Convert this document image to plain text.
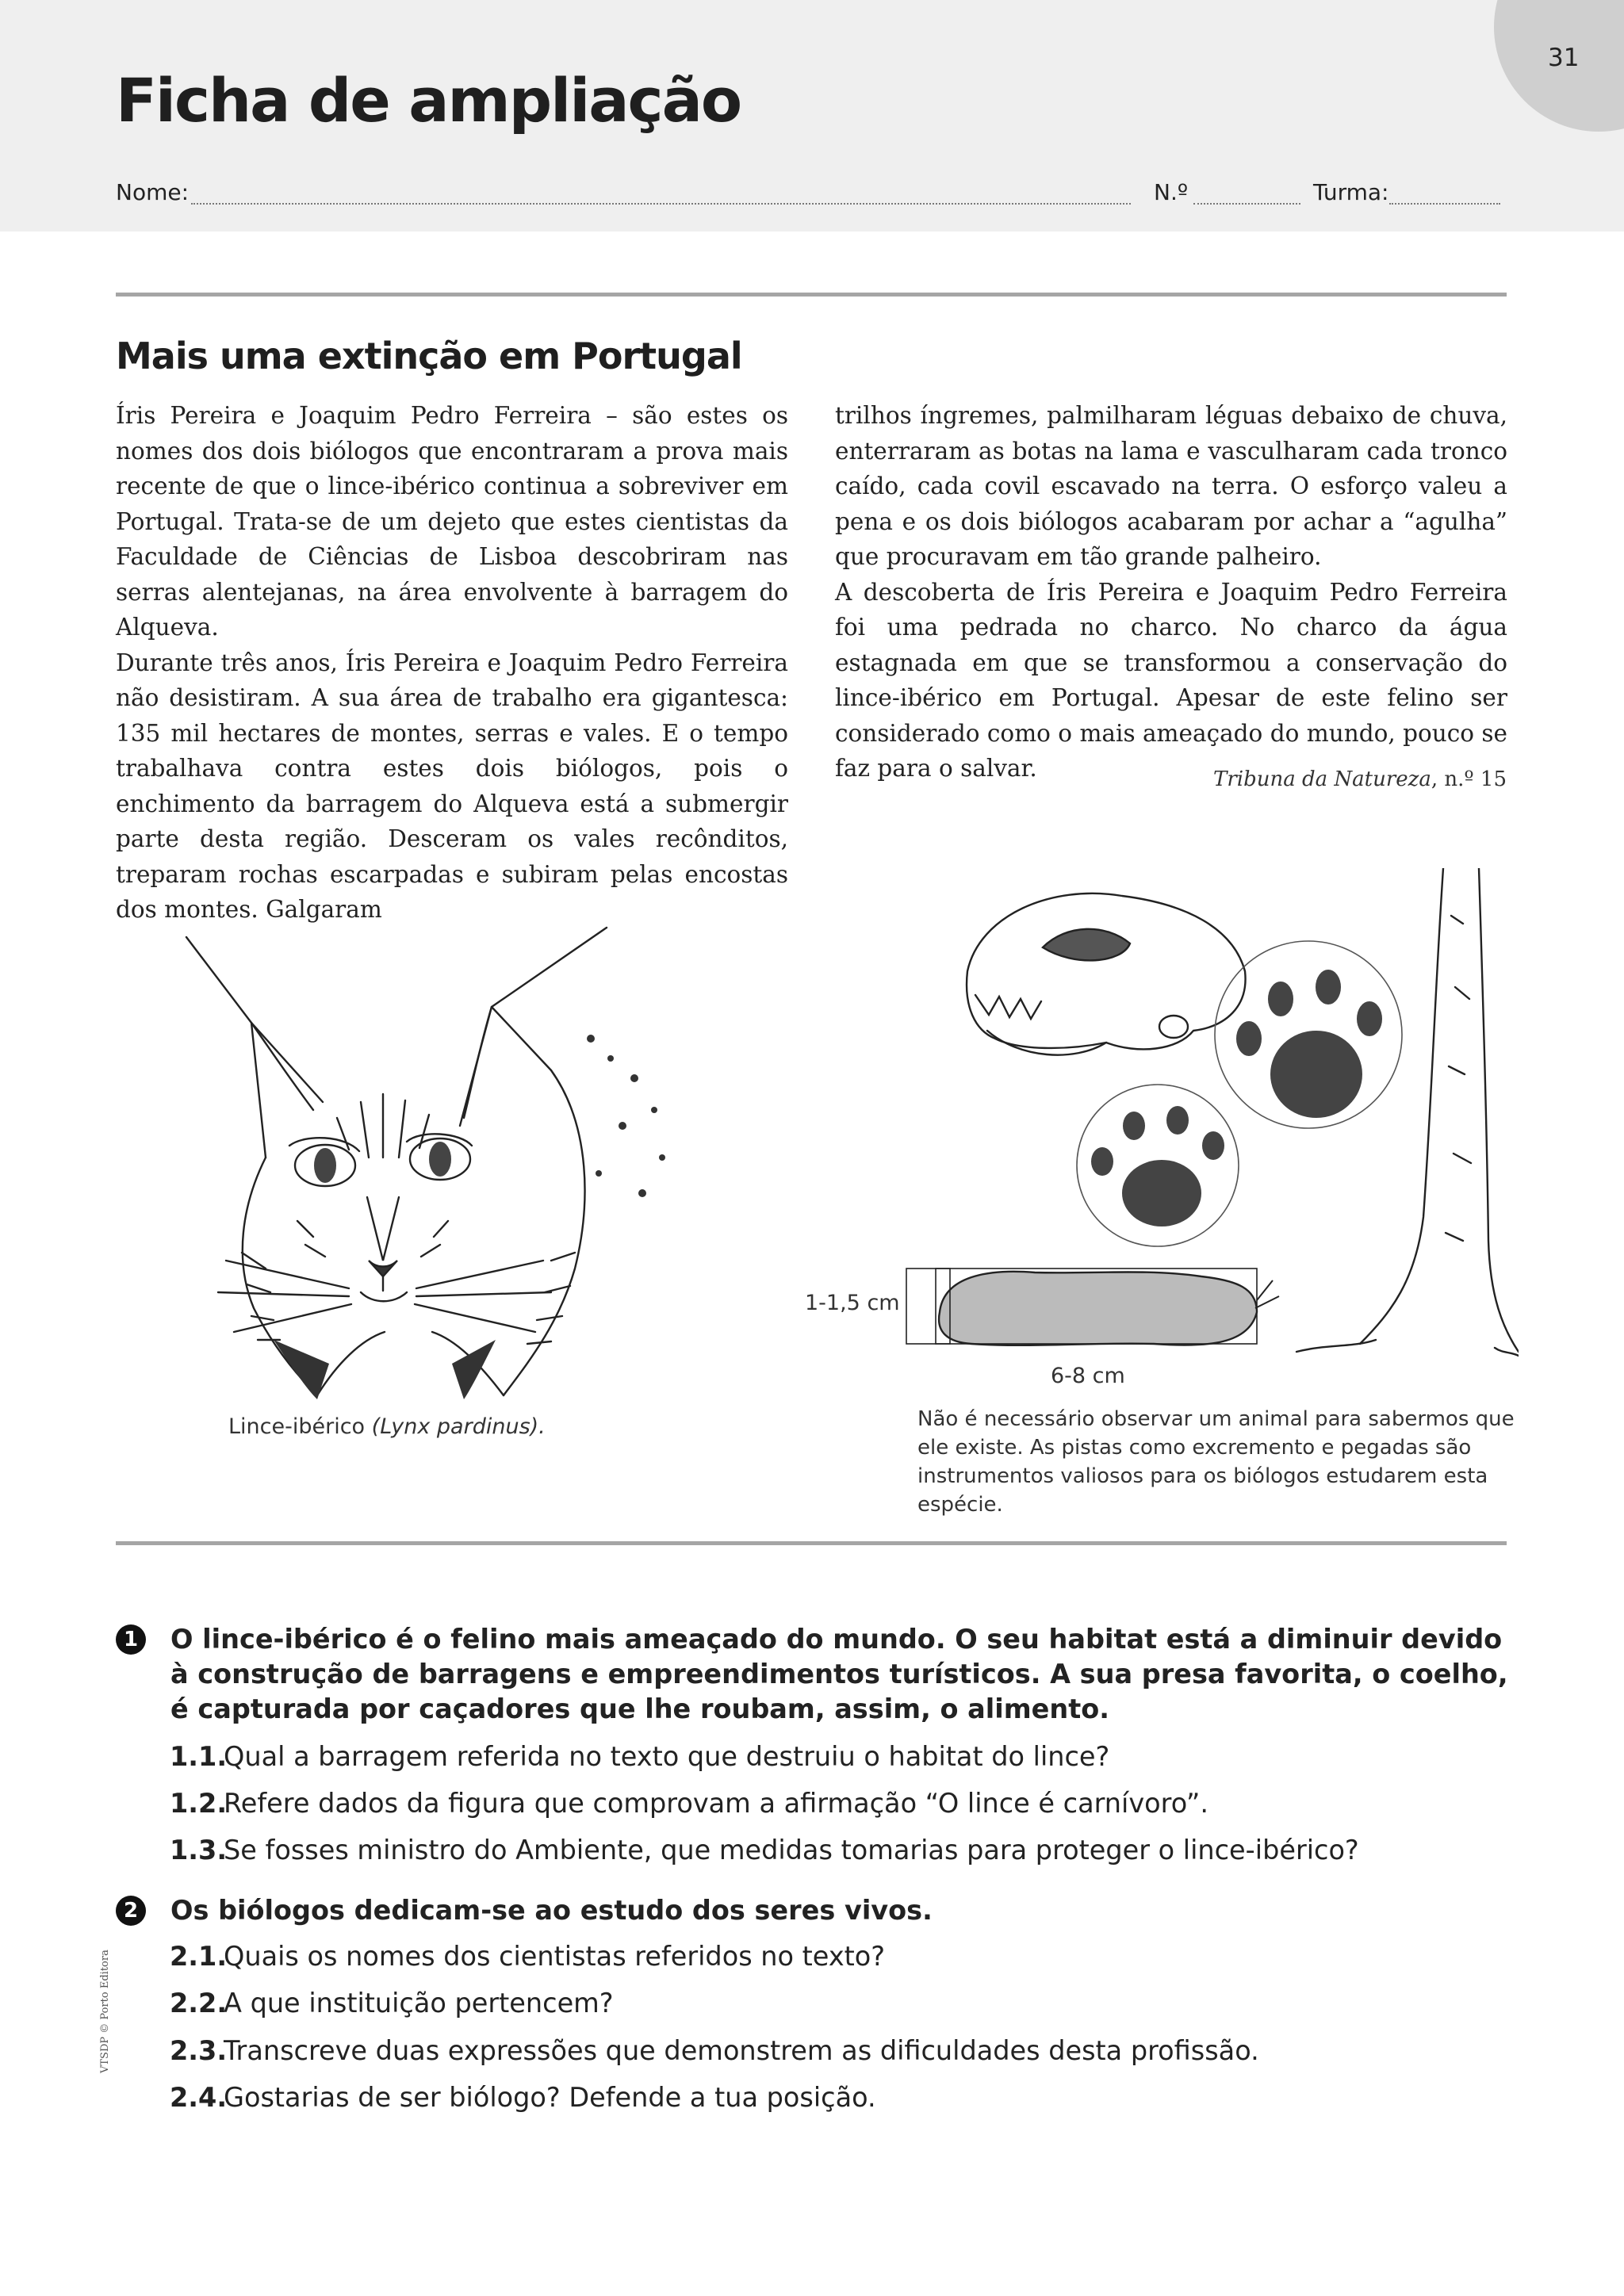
31
Ficha de ampliação
Nome:	N.º	Turma:
Mais uma extinção em Portugal

Íris Pereira e Joaquim Pedro Ferreira – são estes os nomes dos dois biólogos que encontraram a prova mais recente de que o lince-ibérico continua a sobreviver em Portugal. Trata-se de um dejeto que estes cientistas da Faculdade de Ciências de Lisboa descobriram nas serras alentejanas, na área envolvente à barragem do Alqueva.

Durante três anos, Íris Pereira e Joaquim Pedro Ferreira não desistiram. A sua área de trabalho era gigantesca: 135 mil hectares de montes, serras e vales. E o tempo trabalhava contra estes dois biólogos, pois o enchimento da barragem do Alqueva está a submergir parte desta região. Desceram os vales recônditos, treparam rochas escarpadas e subiram pelas encostas dos montes. Galgaram

trilhos íngremes, palmilharam léguas debaixo de chuva, enterraram as botas na lama e vasculharam cada tronco caído, cada covil escavado na terra. O esforço valeu a pena e os dois biólogos acabaram por achar a “agulha” que procuravam em tão grande palheiro.

A descoberta de Íris Pereira e Joaquim Pedro Ferreira foi uma pedrada no charco. No charco da água estagnada em que se transformou a conservação do lince-ibérico em Portugal. Apesar de este felino ser considerado como o mais ameaçado do mundo, pouco se faz para o salvar.	Tribuna da Natureza, n.º 15
Lince-ibérico (Lynx pardinus).
1-1,5 cm
6-8 cm
Não é necessário observar um animal para sabermos que ele existe. As pistas como excremento e pegadas são instrumentos valiosos para os biólogos estudarem esta espécie.
1 O lince-ibérico é o felino mais ameaçado do mundo. O seu habitat está a diminuir devido à construção de barragens e empreendimentos turísticos. A sua presa favorita, o coelho, é capturada por caçadores que lhe roubam, assim, o alimento.
1.1.Qual a barragem referida no texto que destruiu o habitat do lince?
1.2.Refere dados da figura que comprovam a afirmação “O lince é carnívoro”.
1.3.Se fosses ministro do Ambiente, que medidas tomarias para proteger o lince-ibérico?
2 Os biólogos dedicam-se ao estudo dos seres vivos.
2.1.Quais os nomes dos cientistas referidos no texto?
2.2.A que instituição pertencem?
2.3.Transcreve duas expressões que demonstrem as dificuldades desta profissão.
2.4.Gostarias de ser biólogo? Defende a tua posição.
VTSDP © Porto Editora
